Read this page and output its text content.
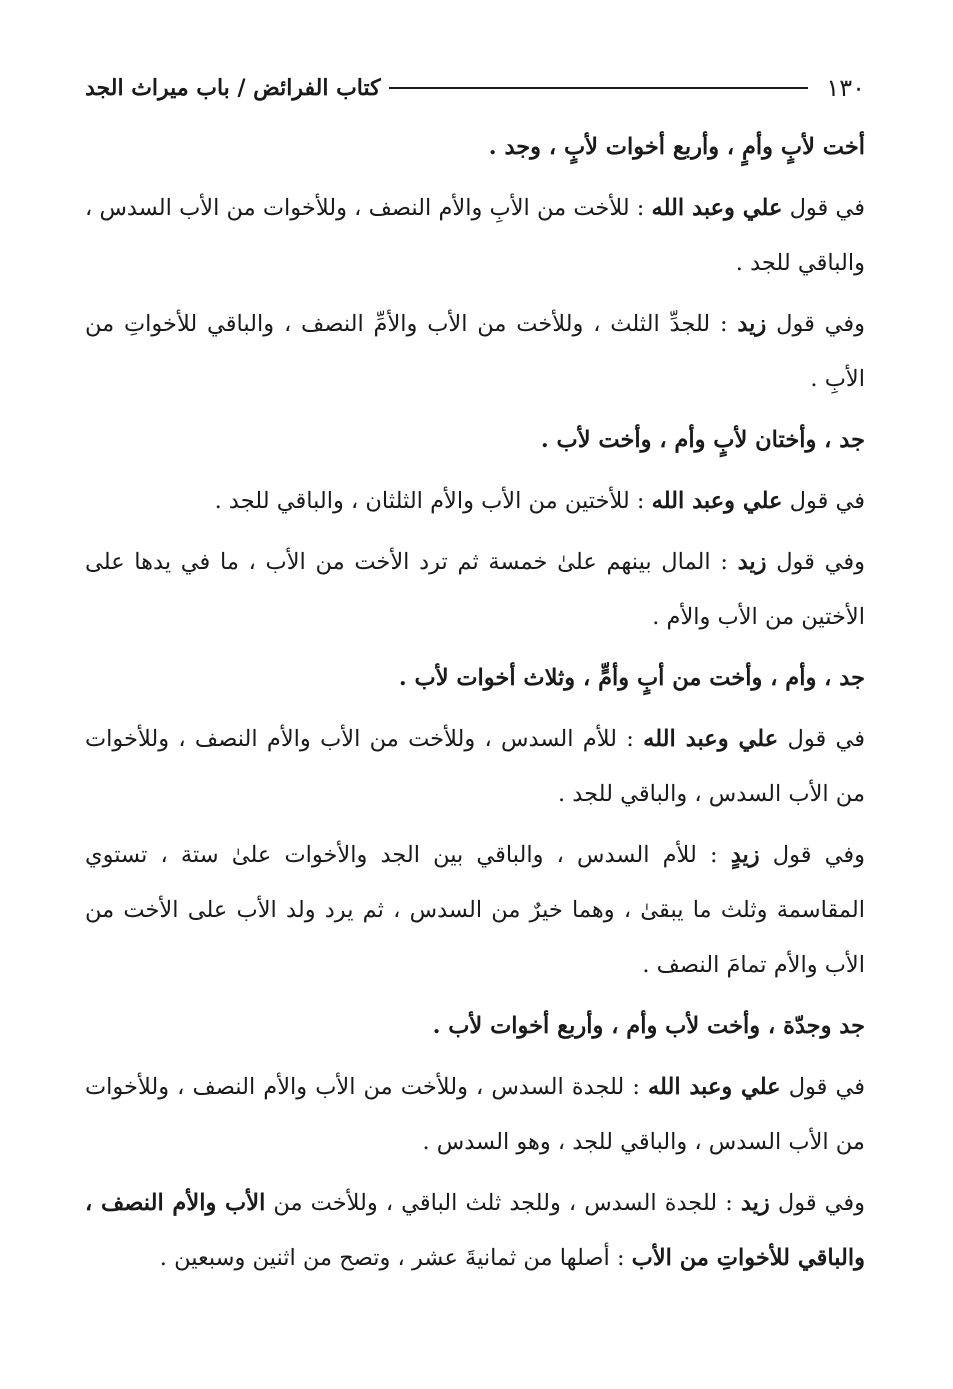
١٣٠
كتاب الفرائض / باب ميراث الجد

أخت لأبٍ وأمٍ ، وأربع أخوات لأبٍ ، وجد .

في قول علي وعبد الله : للأخت من الأبِ والأم النصف ، وللأخوات من الأب السدس ، والباقي للجد .

وفي قول زيد : للجدِّ الثلث ، وللأخت من الأب والأمِّ النصف ، والباقي للأخواتِ من الأبِ .

جد ، وأختان لأبٍ وأم ، وأخت لأب .

في قول علي وعبد الله : للأختين من الأب والأم الثلثان ، والباقي للجد .

وفي قول زيد : المال بينهم علىٰ خمسة ثم ترد الأخت من الأب ، ما في يدها على الأختين من الأب والأم .

جد ، وأم ، وأخت من أبٍ وأمٍّ ، وثلاث أخوات لأب .

في قول علي وعبد الله : للأم السدس ، وللأخت من الأب والأم النصف ، وللأخوات من الأب السدس ، والباقي للجد .

وفي قول زيدٍ : للأم السدس ، والباقي بين الجد والأخوات علىٰ ستة ، تستوي المقاسمة وثلث ما يبقىٰ ، وهما خيرٌ من السدس ، ثم يرد ولد الأب على الأخت من الأب والأم تمامَ النصف .

جد وجدّة ، وأخت لأب وأم ، وأربع أخوات لأب .

في قول علي وعبد الله : للجدة السدس ، وللأخت من الأب والأم النصف ، وللأخوات من الأب السدس ، والباقي للجد ، وهو السدس .

وفي قول زيد : للجدة السدس ، وللجد ثلث الباقي ، وللأخت من الأب والأم النصف ، والباقي للأخواتِ من الأب : أصلها من ثمانيةَ عشر ، وتصح من اثنين وسبعين .
